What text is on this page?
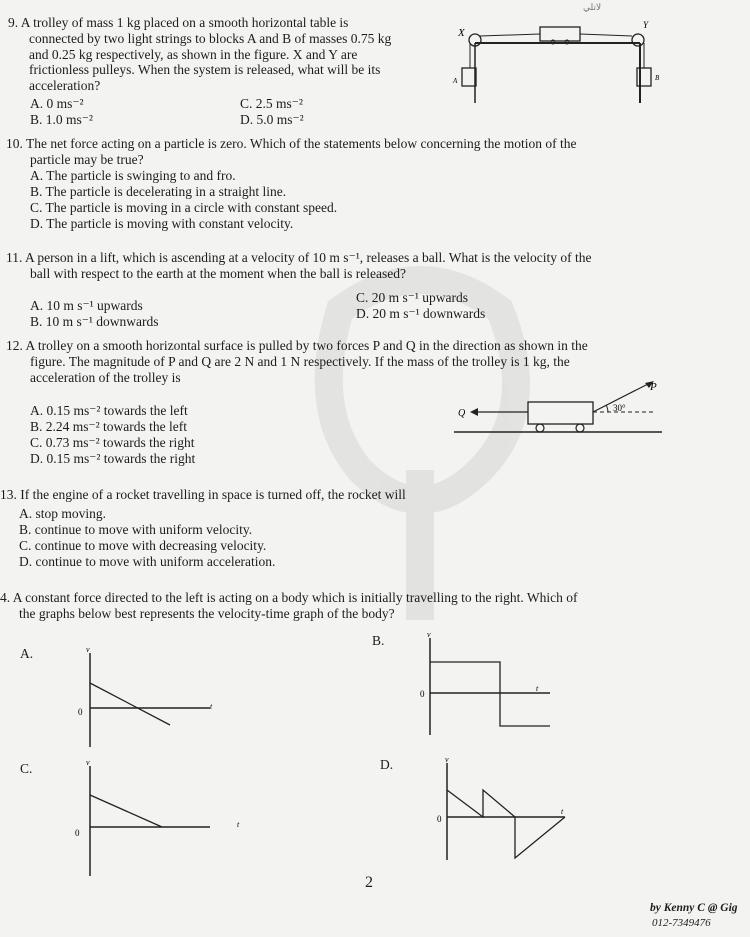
لاتلي
9. A trolley of mass 1 kg placed on a smooth horizontal table is
connected by two light strings to blocks A and B of masses 0.75 kg
and 0.25 kg respectively, as shown in the figure. X and Y are
frictionless pulleys. When the system is released, what will be its
acceleration?
A. 0 ms⁻²
B. 1.0 ms⁻²
C. 2.5 ms⁻²
D. 5.0 ms⁻²
X
Y
A	B
10. The net force acting on a particle is zero. Which of the statements below concerning the motion of the
particle may be true?
A. The particle is swinging to and fro.
B. The particle is decelerating in a straight line.
C. The particle is moving in a circle with constant speed.
D. The particle is moving with constant velocity.
11. A person in a lift, which is ascending at a velocity of 10 m s⁻¹, releases a ball. What is the velocity of the
ball with respect to the earth at the moment when the ball is released?
A. 10 m s⁻¹ upwards
B. 10 m s⁻¹ downwards
C. 20 m s⁻¹ upwards
D. 20 m s⁻¹ downwards
12. A trolley on a smooth horizontal surface is pulled by two forces P and Q in the direction as shown in the
figure. The magnitude of P and Q are 2 N and 1 N respectively. If the mass of the trolley is 1 kg, the
acceleration of the trolley is
A. 0.15 ms⁻² towards the left
B. 2.24 ms⁻² towards the left
C. 0.73 ms⁻² towards the right
D. 0.15 ms⁻² towards the right
30°
Q
P
13. If the engine of a rocket travelling in space is turned off, the rocket will
A. stop moving.
B. continue to move with uniform velocity.
C. continue to move with decreasing velocity.
D. continue to move with uniform acceleration.
4. A constant force directed to the left is acting on a body which is initially travelling to the right. Which of
the graphs below best represents the velocity-time graph of the body?
A.	v
0
t
B.	v
0
t
C.	v
0
t
D.	v
0
t
2
by Kenny C @ Gig
012-7349476
